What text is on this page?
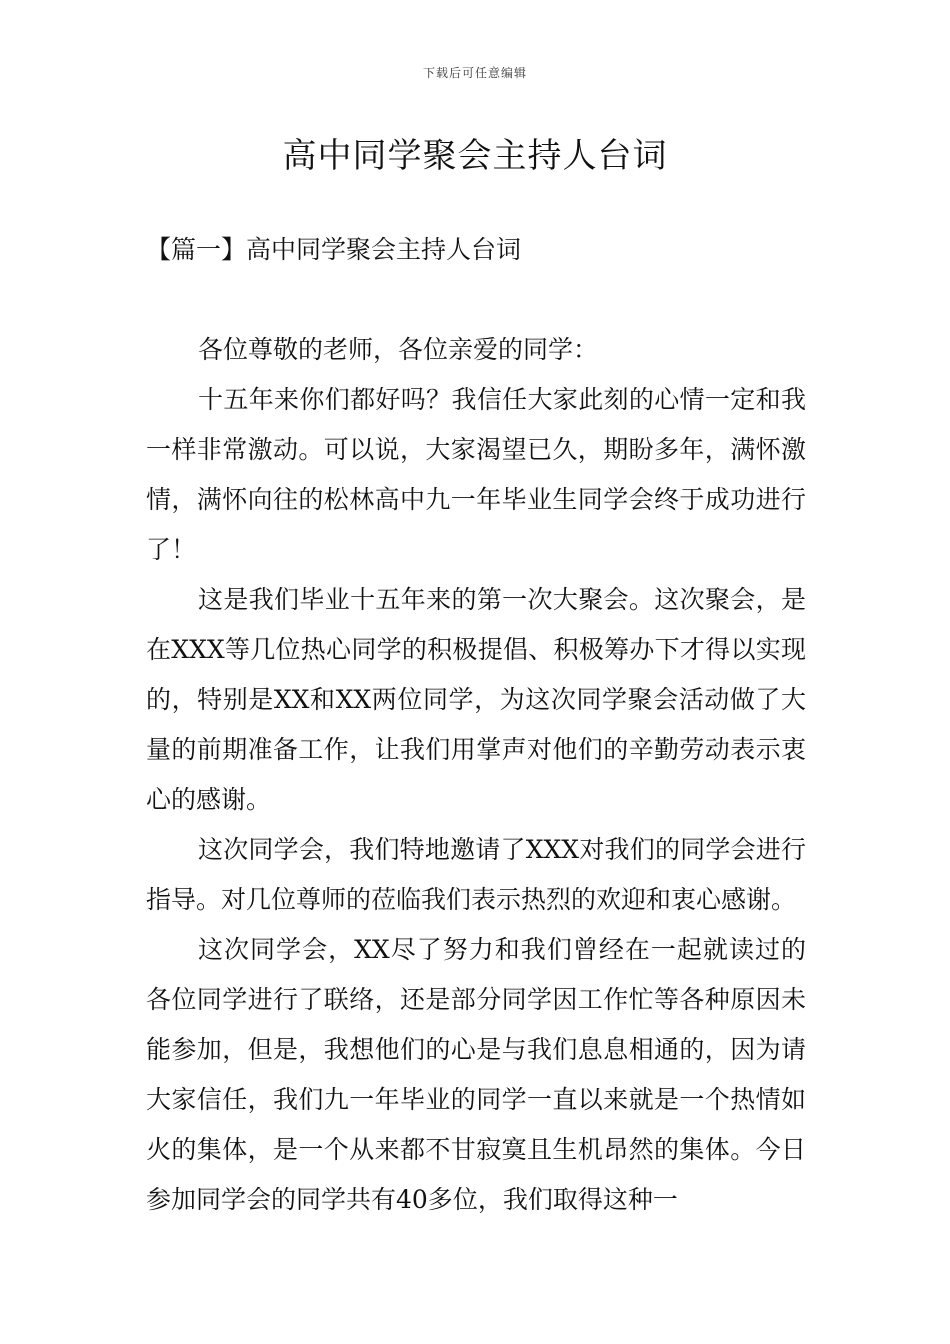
下载后可任意编辑
高中同学聚会主持人台词
【篇一】高中同学聚会主持人台词

各位尊敬的老师，各位亲爱的同学：

十五年来你们都好吗？我信任大家此刻的心情一定和我一样非常激动。可以说，大家渴望已久，期盼多年，满怀激情，满怀向往的松林高中九一年毕业生同学会终于成功进行了！

这是我们毕业十五年来的第一次大聚会。这次聚会，是在XXX等几位热心同学的积极提倡、积极筹办下才得以实现的，特别是XX和XX两位同学，为这次同学聚会活动做了大量的前期准备工作，让我们用掌声对他们的辛勤劳动表示衷心的感谢。

这次同学会，我们特地邀请了XXX对我们的同学会进行指导。对几位尊师的莅临我们表示热烈的欢迎和衷心感谢。

这次同学会，XX尽了努力和我们曾经在一起就读过的各位同学进行了联络，还是部分同学因工作忙等各种原因未能参加，但是，我想他们的心是与我们息息相通的，因为请大家信任，我们九一年毕业的同学一直以来就是一个热情如火的集体，是一个从来都不甘寂寞且生机昂然的集体。今日参加同学会的同学共有40多位，我们取得这种一
